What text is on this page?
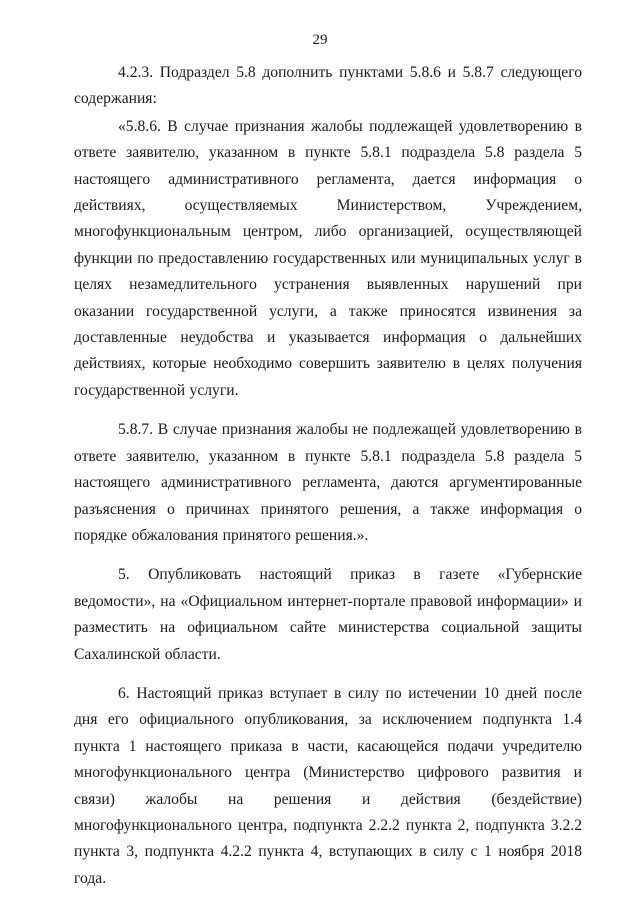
29

4.2.3. Подраздел 5.8 дополнить пунктами 5.8.6 и 5.8.7 следующего содержания:

«5.8.6. В случае признания жалобы подлежащей удовлетворению в ответе заявителю, указанном в пункте 5.8.1 подраздела 5.8 раздела 5 настоящего административного регламента, дается информация о действиях, осуществляемых Министерством, Учреждением, многофункциональным центром, либо организацией, осуществляющей функции по предоставлению государственных или муниципальных услуг в целях незамедлительного устранения выявленных нарушений при оказании государственной услуги, а также приносятся извинения за доставленные неудобства и указывается информация о дальнейших действиях, которые необходимо совершить заявителю в целях получения государственной услуги.

5.8.7. В случае признания жалобы не подлежащей удовлетворению в ответе заявителю, указанном в пункте 5.8.1 подраздела 5.8 раздела 5 настоящего административного регламента, даются аргументированные разъяснения о причинах принятого решения, а также информация о порядке обжалования принятого решения.».

5. Опубликовать настоящий приказ в газете «Губернские ведомости», на «Официальном интернет-портале правовой информации» и разместить на официальном сайте министерства социальной защиты Сахалинской области.

6. Настоящий приказ вступает в силу по истечении 10 дней после дня его официального опубликования, за исключением подпункта 1.4 пункта 1 настоящего приказа в части, касающейся подачи учредителю многофункционального центра (Министерство цифрового развития и связи) жалобы на решения и действия (бездействие) многофункционального центра, подпункта 2.2.2 пункта 2, подпункта 3.2.2 пункта 3, подпункта 4.2.2 пункта 4, вступающих в силу с 1 ноября 2018 года.
